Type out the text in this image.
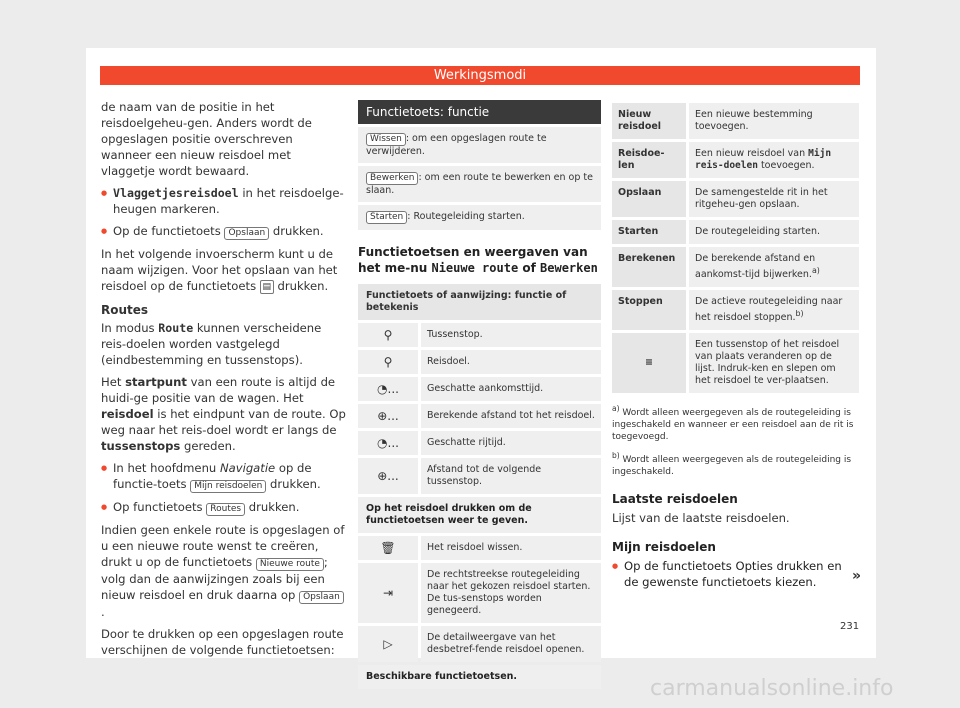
Werkingsmodi

de naam van de positie in het reisdoelgeheu-gen. Anders wordt de opgeslagen positie overschreven wanneer een nieuw reisdoel met vlaggetje wordt bewaard.

● Vlaggetjesreisdoel in het reisdoelge-heugen markeren.

● Op de functietoets Opslaan drukken.

In het volgende invoerscherm kunt u de naam wijzigen. Voor het opslaan van het reisdoel op de functietoets ▤ drukken.

Routes

In modus Route kunnen verscheidene reis-doelen worden vastgelegd (eindbestemming en tussenstops).

Het startpunt van een route is altijd de huidi-ge positie van de wagen. Het reisdoel is het eindpunt van de route. Op weg naar het reis-doel wordt er langs de tussenstops gereden.

● In het hoofdmenu Navigatie op de functie-toets Mijn reisdoelen drukken.

● Op functietoets Routes drukken.

Indien geen enkele route is opgeslagen of u een nieuwe route wenst te creëren, drukt u op de functietoets Nieuwe route ; volg dan de aanwijzingen zoals bij een nieuw reisdoel en druk daarna op Opslaan.

Door te drukken op een opgeslagen route verschijnen de volgende functietoetsen:

Functietoets: functie
Wissen : om een opgeslagen route te verwijderen.
Bewerken : om een route te bewerken en op te slaan.
Starten : Routegeleiding starten.
Functietoetsen en weergaven van het me-nu Nieuwe route of Bewerken
Functietoets of aanwijzing: functie of betekenis
⚲	Tussenstop.
⚲	Reisdoel.
◔...	Geschatte aankomsttijd.
⊕...	Berekende afstand tot het reisdoel.
◔...	Geschatte rijtijd.
⊕...	Afstand tot de volgende tussenstop.
Op het reisdoel drukken om de functietoetsen weer te geven.
🗑	Het reisdoel wissen.
⇥
De rechtstreekse routegeleiding naar het gekozen reisdoel starten. De tus-senstops worden genegeerd.
▷	De detailweergave van het desbetref-fende reisdoel openen.
Beschikbare functietoetsen.
Nieuw reisdoel
Een nieuwe bestemming toevoegen.
Reisdoe-len
Een nieuw reisdoel van Mijn reis-doelen toevoegen.
Opslaan	De samengestelde rit in het ritgeheu-gen opslaan.
Starten	De routegeleiding starten.
Berekenen	De berekende afstand en aankomst-tijd bijwerken.$^{a)}$
Stoppen	De actieve routegeleiding naar het reisdoel stoppen.$^{b)}$
≡
Een tussenstop of het reisdoel van plaats veranderen op de lijst. Indruk-ken en slepen om het reisdoel te ver-plaatsen.

$^{a)}$ Wordt alleen weergegeven als de routegeleiding is ingeschakeld en wanneer er een reisdoel aan de rit is toegevoegd.

$^{b)}$ Wordt alleen weergegeven als de routegeleiding is ingeschakeld.

Laatste reisdoelen
Lijst van de laatste reisdoelen.
Mijn reisdoelen
● Op de functietoets Opties drukken en de gewenste functietoets kiezen.	»
231
carmanualsonline.info
